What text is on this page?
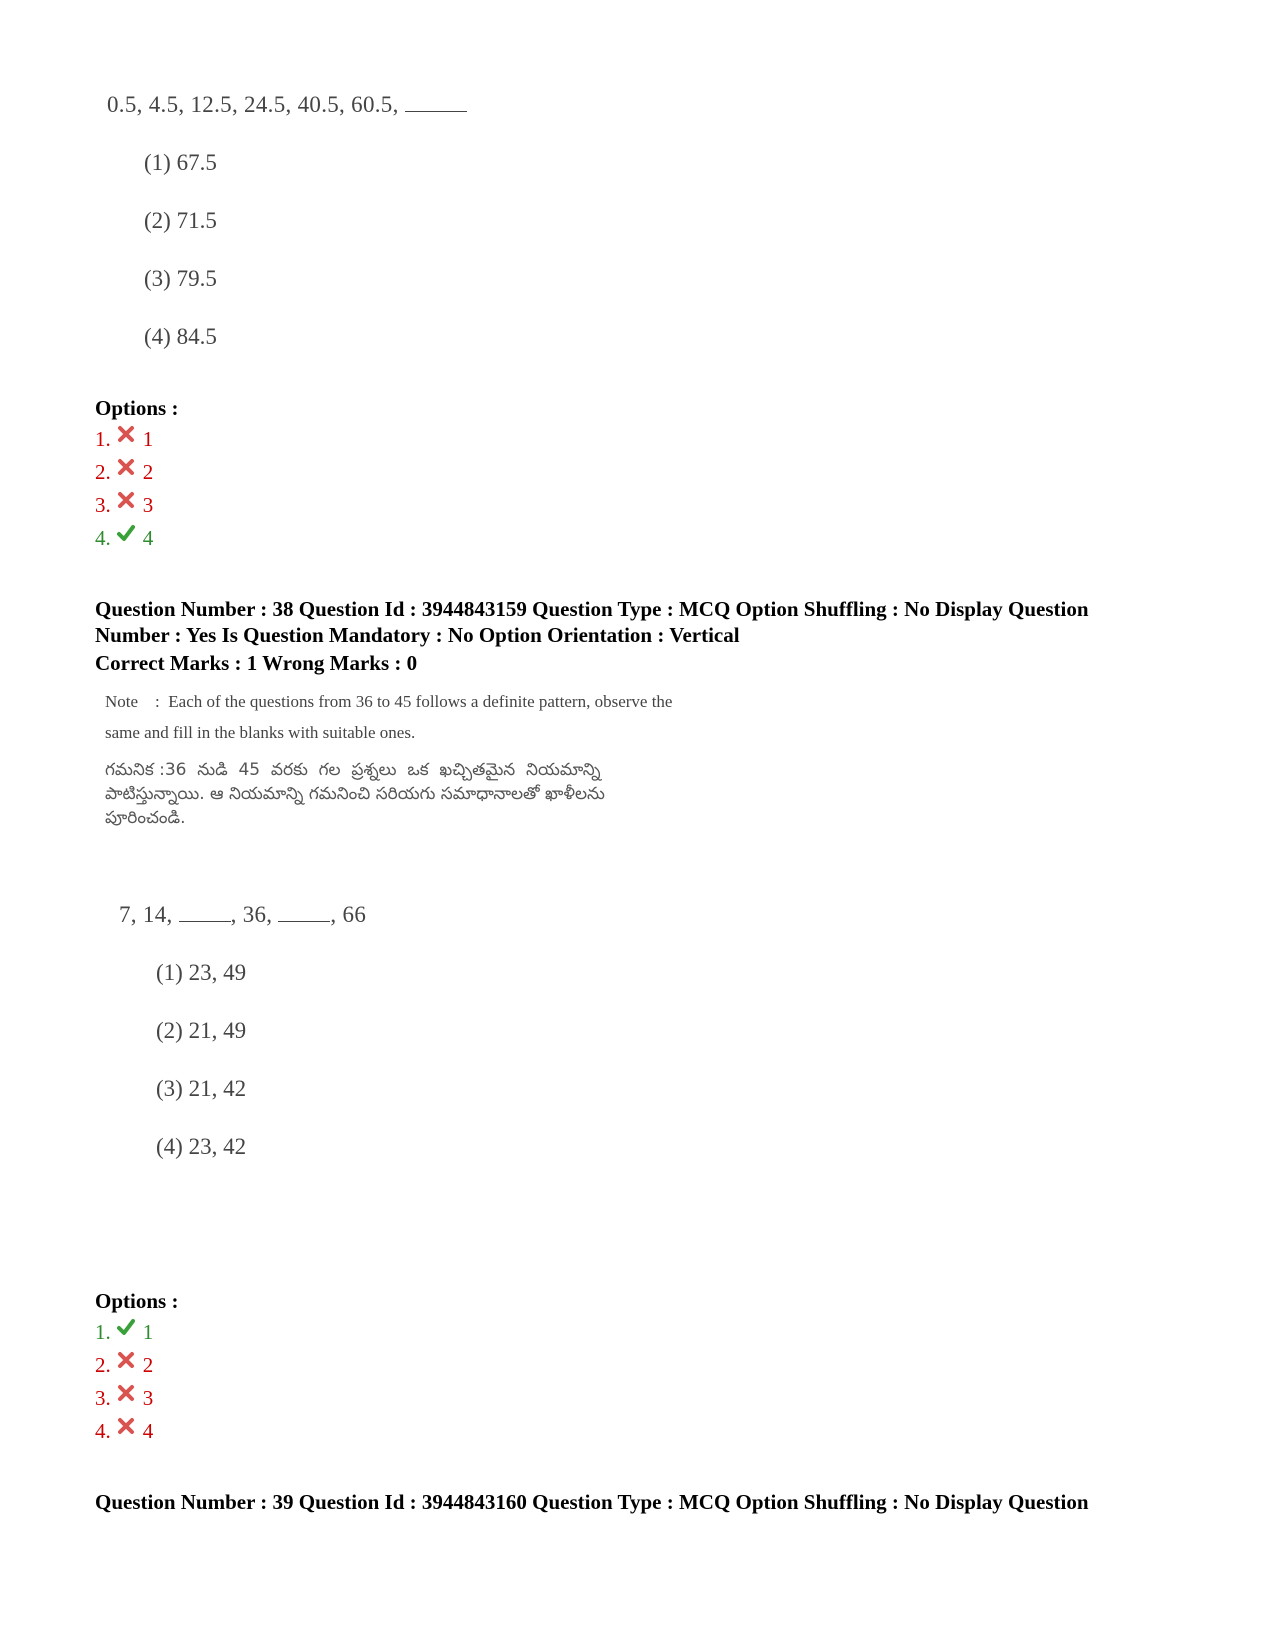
0.5, 4.5, 12.5, 24.5, 40.5, 60.5,
(1) 67.5
(2) 71.5
(3) 79.5
(4) 84.5
Options :
1. 1
2. 2
3. 3
4. 4
Question Number : 38 Question Id : 3944843159 Question Type : MCQ Option Shuffling : No Display Question
Number : Yes Is Question Mandatory : No Option Orientation : Vertical
Correct Marks : 1 Wrong Marks : 0
Note    :  Each of the questions from 36 to 45 follows a definite pattern, observe the
same and fill in the blanks with suitable ones.
గమనిక :36  నుడి  45  వరకు  గల  ప్రశ్నలు  ఒక  ఖచ్చితమైన  నియమాన్ని
పాటిస్తున్నాయి. ఆ నియమాన్ని గమనించి సరియగు సమాధానాలతో ఖాళీలను
పూరించండి.
7, 14, , 36, , 66
(1) 23, 49
(2) 21, 49
(3) 21, 42
(4) 23, 42
Options :
1. 1
2. 2
3. 3
4. 4
Question Number : 39 Question Id : 3944843160 Question Type : MCQ Option Shuffling : No Display Question
